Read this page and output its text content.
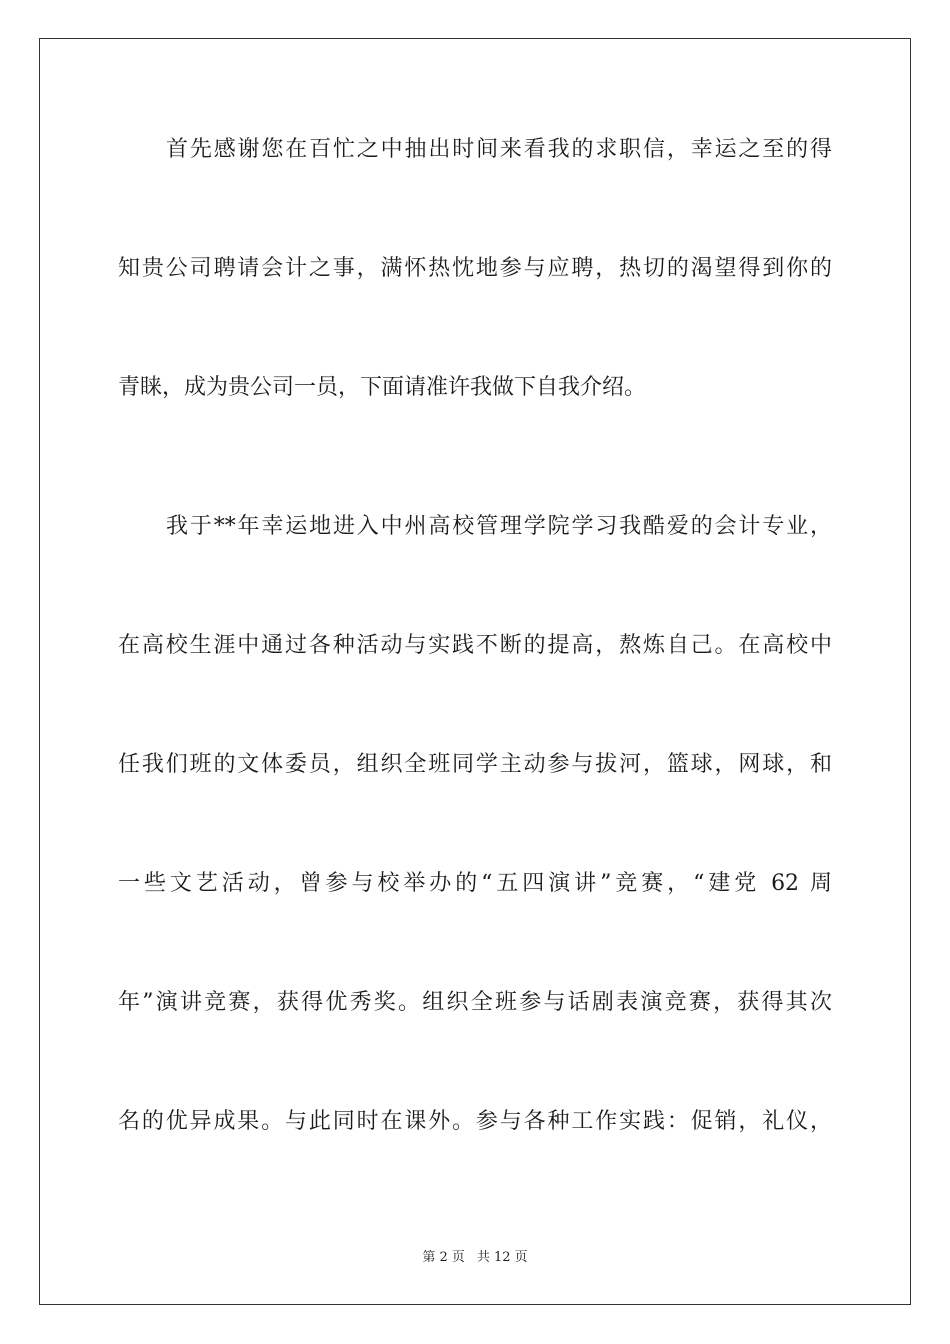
首先感谢您在百忙之中抽出时间来看我的求职信，幸运之至的得
知贵公司聘请会计之事，满怀热忱地参与应聘，热切的渴望得到你的
青睐，成为贵公司一员，下面请准许我做下自我介绍。
我于**年幸运地进入中州高校管理学院学习我酷爱的会计专业，
在高校生涯中通过各种活动与实践不断的提高，熬炼自己。在高校中
任我们班的文体委员，组织全班同学主动参与拔河，篮球，网球，和
一些文艺活动，曾参与校举办的“五四演讲”竞赛，“建党 62 周
年”演讲竞赛，获得优秀奖。组织全班参与话剧表演竞赛，获得其次
名的优异成果。与此同时在课外。参与各种工作实践：促销，礼仪，
第 2 页 共 12 页
